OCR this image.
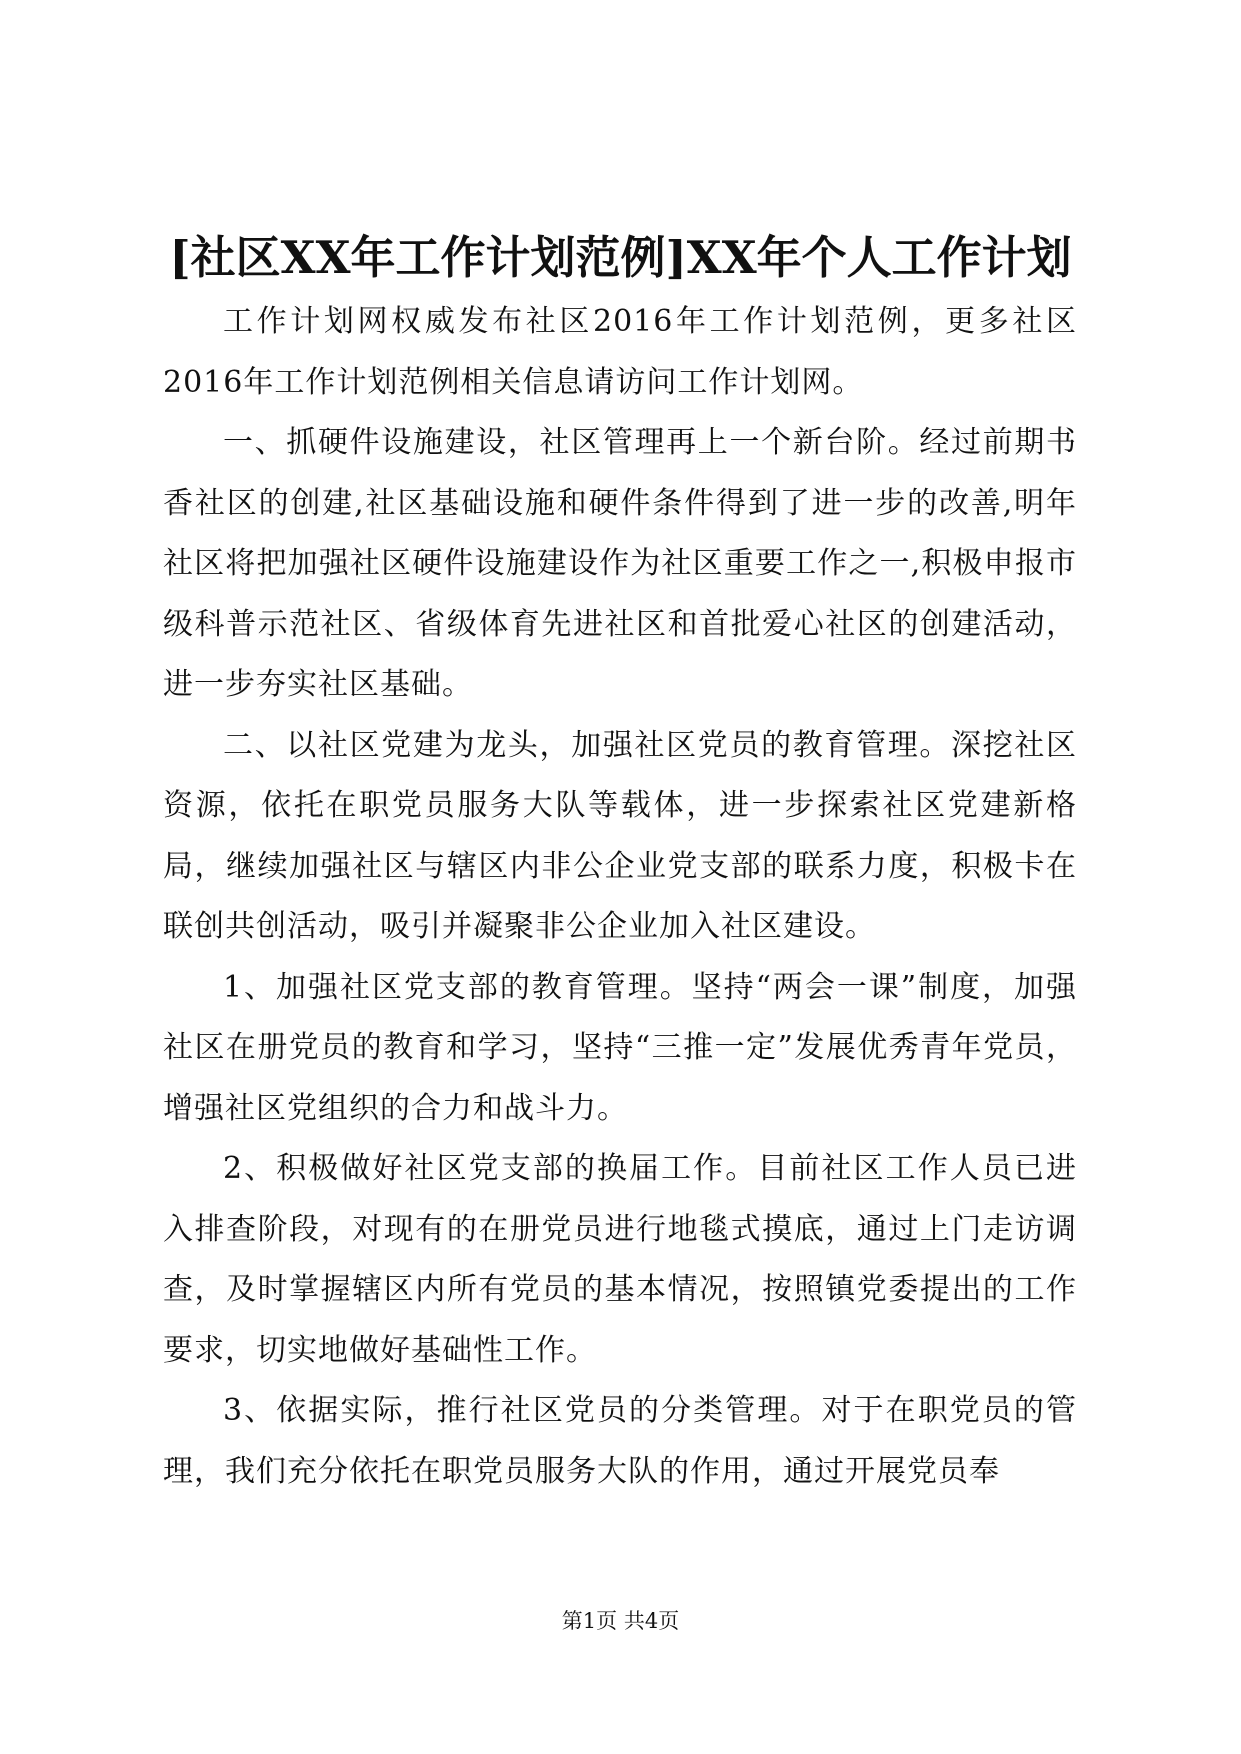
[社区XX年工作计划范例]XX年个人工作计划

工作计划网权威发布社区2016年工作计划范例，更多社区2016年工作计划范例相关信息请访问工作计划网。

一、抓硬件设施建设，社区管理再上一个新台阶。经过前期书香社区的创建,社区基础设施和硬件条件得到了进一步的改善,明年社区将把加强社区硬件设施建设作为社区重要工作之一,积极申报市级科普示范社区、省级体育先进社区和首批爱心社区的创建活动，进一步夯实社区基础。

二、以社区党建为龙头，加强社区党员的教育管理。深挖社区资源，依托在职党员服务大队等载体，进一步探索社区党建新格局，继续加强社区与辖区内非公企业党支部的联系力度，积极卡在联创共创活动，吸引并凝聚非公企业加入社区建设。

1、加强社区党支部的教育管理。坚持“两会一课”制度，加强社区在册党员的教育和学习，坚持“三推一定”发展优秀青年党员，增强社区党组织的合力和战斗力。

2、积极做好社区党支部的换届工作。目前社区工作人员已进入排查阶段，对现有的在册党员进行地毯式摸底，通过上门走访调查，及时掌握辖区内所有党员的基本情况，按照镇党委提出的工作要求，切实地做好基础性工作。

3、依据实际，推行社区党员的分类管理。对于在职党员的管理，我们充分依托在职党员服务大队的作用，通过开展党员奉

第1页 共4页
